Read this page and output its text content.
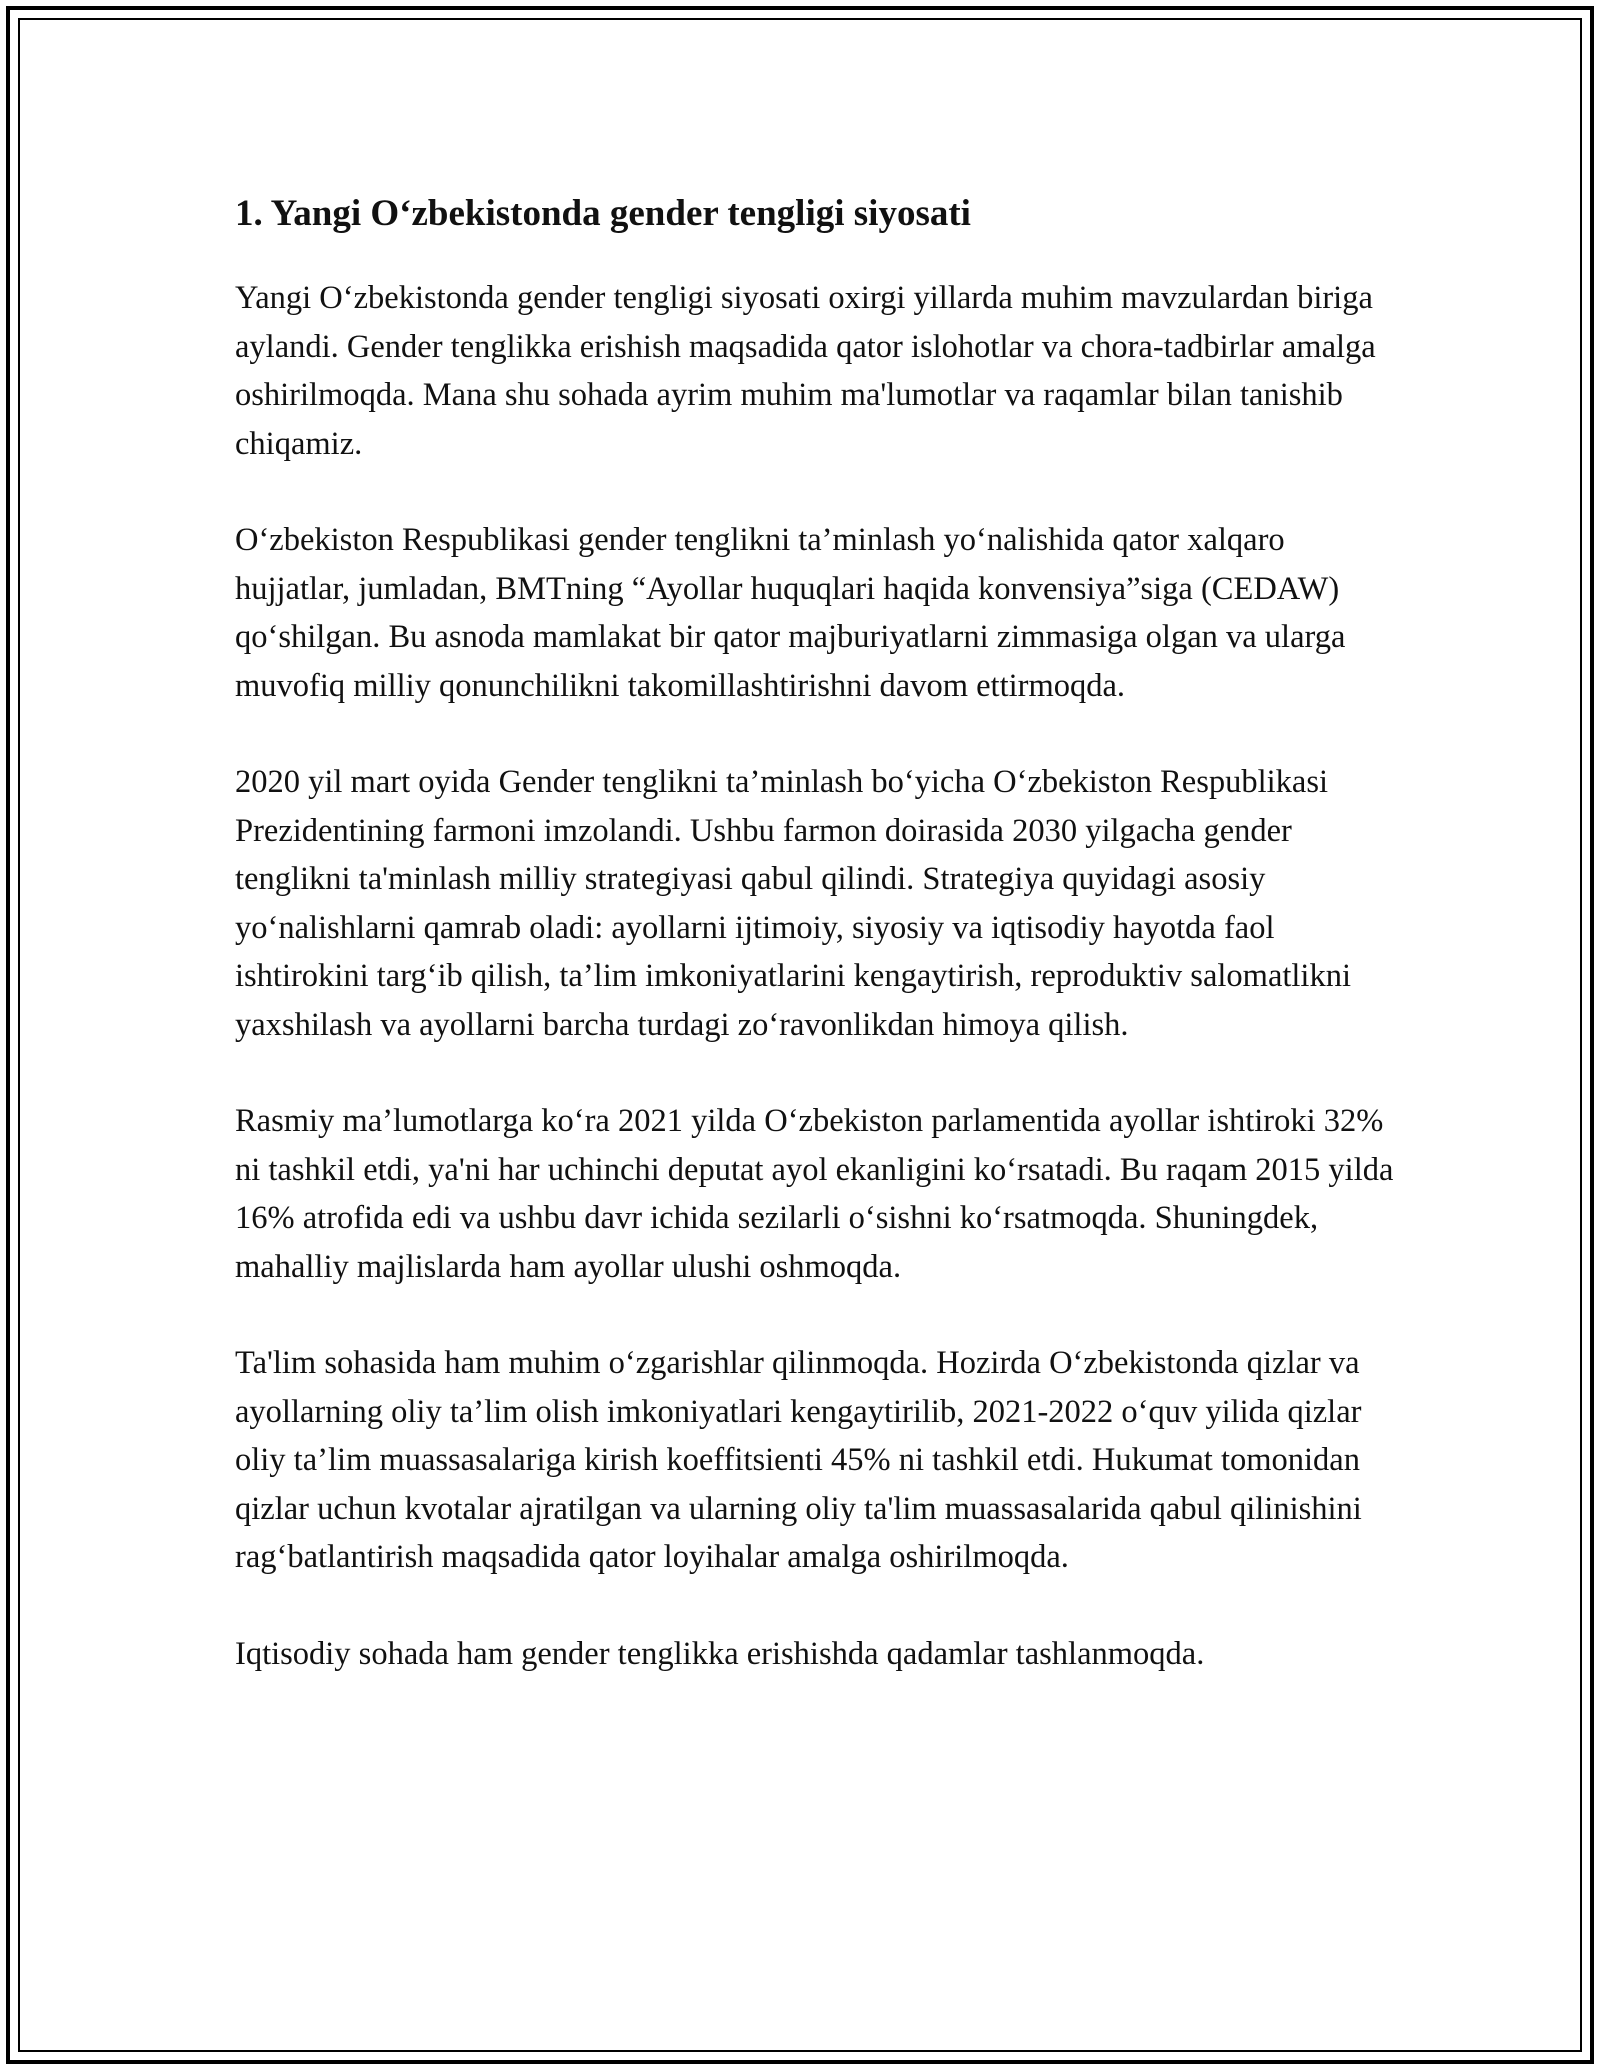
1. Yangi O‘zbekistonda gender tengligi siyosati

Yangi O‘zbekistonda gender tengligi siyosati oxirgi yillarda muhim mavzulardan biriga aylandi. Gender tenglikka erishish maqsadida qator islohotlar va chora-tadbirlar amalga oshirilmoqda. Mana shu sohada ayrim muhim ma'lumotlar va raqamlar bilan tanishib chiqamiz.

O‘zbekiston Respublikasi gender tenglikni ta’minlash yo‘nalishida qator xalqaro hujjatlar, jumladan, BMTning “Ayollar huquqlari haqida konvensiya”siga (CEDAW) qo‘shilgan. Bu asnoda mamlakat bir qator majburiyatlarni zimmasiga olgan va ularga muvofiq milliy qonunchilikni takomillashtirishni davom ettirmoqda.

2020 yil mart oyida Gender tenglikni ta’minlash bo‘yicha O‘zbekiston Respublikasi Prezidentining farmoni imzolandi. Ushbu farmon doirasida 2030 yilgacha gender tenglikni ta'minlash milliy strategiyasi qabul qilindi. Strategiya quyidagi asosiy yo‘nalishlarni qamrab oladi: ayollarni ijtimoiy, siyosiy va iqtisodiy hayotda faol ishtirokini targ‘ib qilish, ta’lim imkoniyatlarini kengaytirish, reproduktiv salomatlikni yaxshilash va ayollarni barcha turdagi zo‘ravonlikdan himoya qilish.

Rasmiy ma’lumotlarga ko‘ra 2021 yilda O‘zbekiston parlamentida ayollar ishtiroki 32% ni tashkil etdi, ya'ni har uchinchi deputat ayol ekanligini ko‘rsatadi. Bu raqam 2015 yilda 16% atrofida edi va ushbu davr ichida sezilarli o‘sishni ko‘rsatmoqda. Shuningdek, mahalliy majlislarda ham ayollar ulushi oshmoqda.

Ta'lim sohasida ham muhim o‘zgarishlar qilinmoqda. Hozirda O‘zbekistonda qizlar va ayollarning oliy ta’lim olish imkoniyatlari kengaytirilib, 2021-2022 o‘quv yilida qizlar oliy ta’lim muassasalariga kirish koeffitsienti 45% ni tashkil etdi. Hukumat tomonidan qizlar uchun kvotalar ajratilgan va ularning oliy ta'lim muassasalarida qabul qilinishini rag‘batlantirish maqsadida qator loyihalar amalga oshirilmoqda.

Iqtisodiy sohada ham gender tenglikka erishishda qadamlar tashlanmoqda.
